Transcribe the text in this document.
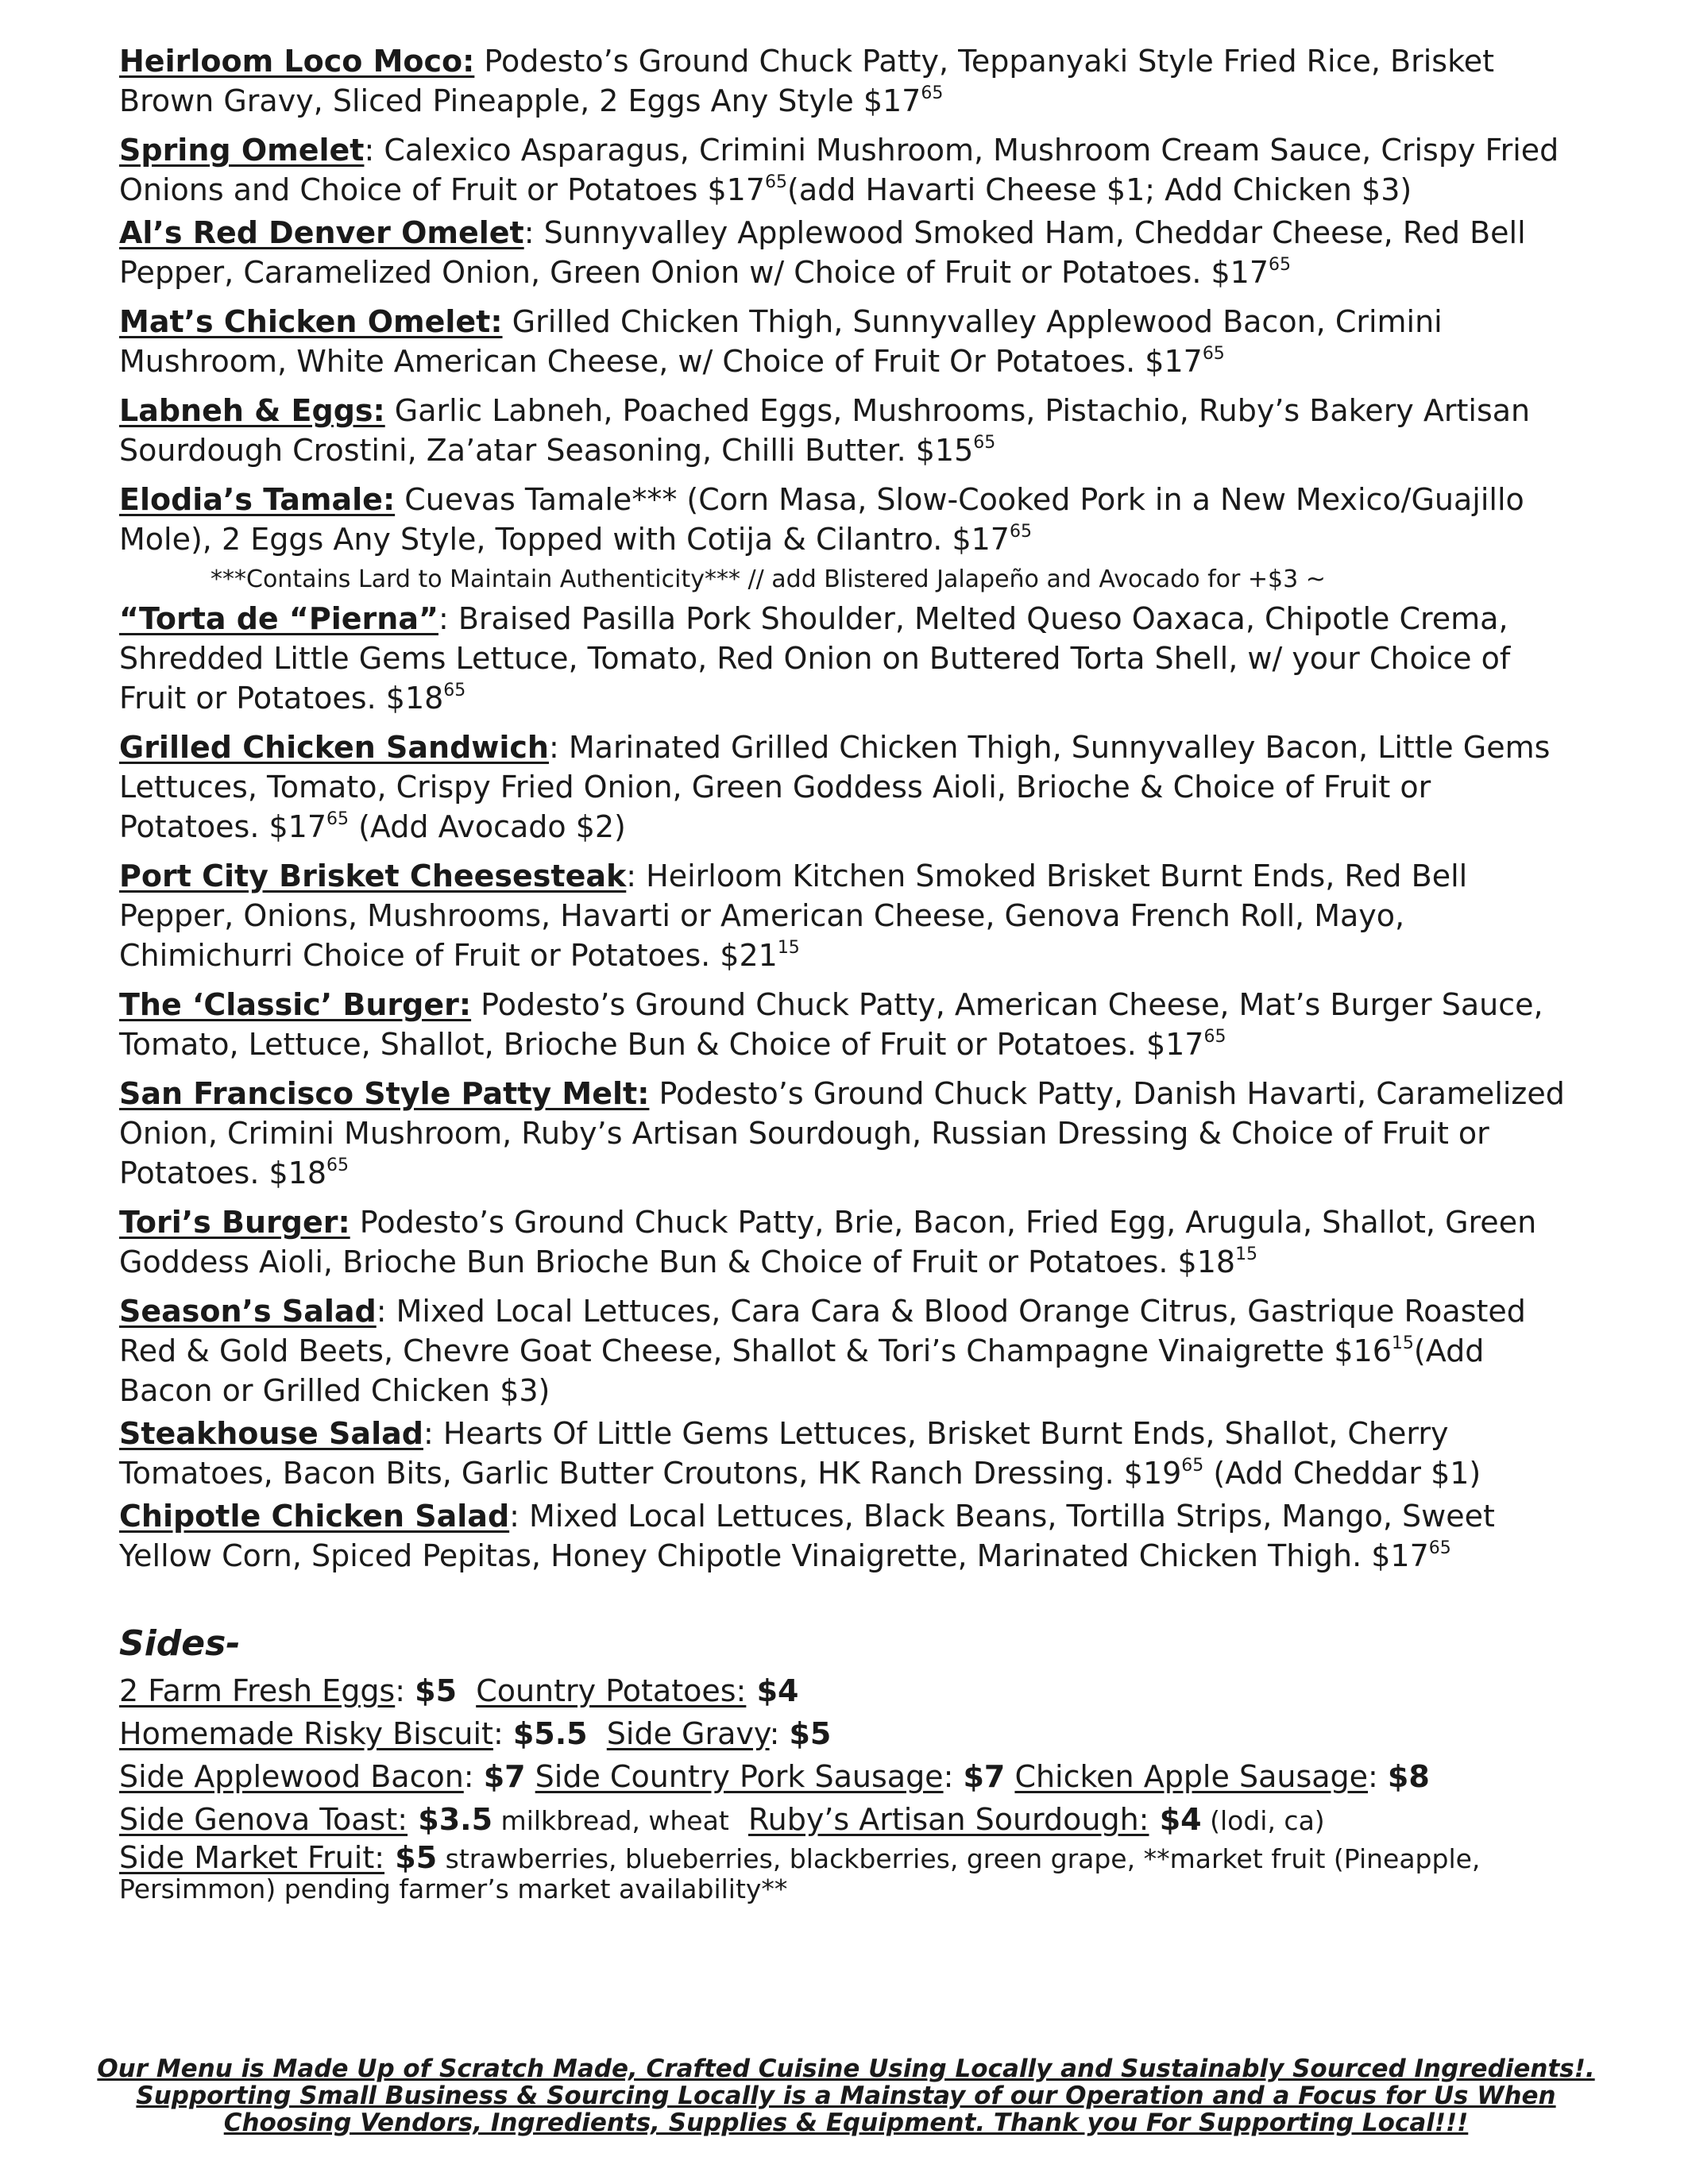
Heirloom Loco Moco: Podesto’s Ground Chuck Patty, Teppanyaki Style Fried Rice, Brisket Brown Gravy, Sliced Pineapple, 2 Eggs Any Style $\$17^{65}$
Spring Omelet: Calexico Asparagus, Crimini Mushroom, Mushroom Cream Sauce, Crispy Fried Onions and Choice of Fruit or Potatoes $\$17^{65}(add$ Havarti Cheese $1; Add Chicken $3)
Al’s Red Denver Omelet: Sunnyvalley Applewood Smoked Ham, Cheddar Cheese, Red Bell Pepper, Caramelized Onion, Green Onion w/ Choice of Fruit or Potatoes. $\$17^{65}$
Mat’s Chicken Omelet: Grilled Chicken Thigh, Sunnyvalley Applewood Bacon, Crimini Mushroom, White American Cheese, w/ Choice of Fruit Or Potatoes. $\$17^{65}$
Labneh & Eggs: Garlic Labneh, Poached Eggs, Mushrooms, Pistachio, Ruby’s Bakery Artisan Sourdough Crostini, Za’atar Seasoning, Chilli Butter. $\$15^{65}$
Elodia’s Tamale: Cuevas Tamale*** (Corn Masa, Slow-Cooked Pork in a New Mexico/Guajillo Mole), 2 Eggs Any Style, Topped with Cotija & Cilantro. $\$17^{65}$
***Contains Lard to Maintain Authenticity*** // add Blistered Jalapeño and Avocado for +$3 ~
“Torta de “Pierna”: Braised Pasilla Pork Shoulder, Melted Queso Oaxaca, Chipotle Crema, Shredded Little Gems Lettuce, Tomato, Red Onion on Buttered Torta Shell, w/ your Choice of Fruit or Potatoes. $\$18^{65}$
Grilled Chicken Sandwich: Marinated Grilled Chicken Thigh, Sunnyvalley Bacon, Little Gems Lettuces, Tomato, Crispy Fried Onion, Green Goddess Aioli, Brioche & Choice of Fruit or Potatoes. $\$17^{65}$ (Add Avocado $2)
Port City Brisket Cheesesteak: Heirloom Kitchen Smoked Brisket Burnt Ends, Red Bell Pepper, Onions, Mushrooms, Havarti or American Cheese, Genova French Roll, Mayo, Chimichurri Choice of Fruit or Potatoes. $\$21^{15}$
The ‘Classic’ Burger: Podesto’s Ground Chuck Patty, American Cheese, Mat’s Burger Sauce, Tomato, Lettuce, Shallot, Brioche Bun & Choice of Fruit or Potatoes. $\$17^{65}$
San Francisco Style Patty Melt: Podesto’s Ground Chuck Patty, Danish Havarti, Caramelized Onion, Crimini Mushroom, Ruby’s Artisan Sourdough, Russian Dressing & Choice of Fruit or Potatoes. $\$18^{65}$
Tori’s Burger: Podesto’s Ground Chuck Patty, Brie, Bacon, Fried Egg, Arugula, Shallot, Green Goddess Aioli, Brioche Bun Brioche Bun & Choice of Fruit or Potatoes. $\$18^{15}$
Season’s Salad: Mixed Local Lettuces, Cara Cara & Blood Orange Citrus, Gastrique Roasted Red & Gold Beets, Chevre Goat Cheese, Shallot & Tori’s Champagne Vinaigrette $\$16^{15}(Add$ Bacon or Grilled Chicken $3)
Steakhouse Salad: Hearts Of Little Gems Lettuces, Brisket Burnt Ends, Shallot, Cherry Tomatoes, Bacon Bits, Garlic Butter Croutons, HK Ranch Dressing. $\$19^{65}$ (Add Cheddar $1)
Chipotle Chicken Salad: Mixed Local Lettuces, Black Beans, Tortilla Strips, Mango, Sweet Yellow Corn, Spiced Pepitas, Honey Chipotle Vinaigrette, Marinated Chicken Thigh. $\$17^{65}$
Sides-
2 Farm Fresh Eggs: $5 Country Potatoes: $4
Homemade Risky Biscuit: $5.5 Side Gravy: $5
Side Applewood Bacon: $7 Side Country Pork Sausage: $7 Chicken Apple Sausage: $8
Side Genova Toast: $3.5 milkbread, wheat Ruby’s Artisan Sourdough: $4 (lodi, ca)
Side Market Fruit: $5 strawberries, blueberries, blackberries, green grape, **market fruit (Pineapple, Persimmon) pending farmer’s market availability**
Our Menu is Made Up of Scratch Made, Crafted Cuisine Using Locally and Sustainably Sourced Ingredients!.
Supporting Small Business & Sourcing Locally is a Mainstay of our Operation and a Focus for Us When
Choosing Vendors, Ingredients, Supplies & Equipment. Thank you For Supporting Local!!!
